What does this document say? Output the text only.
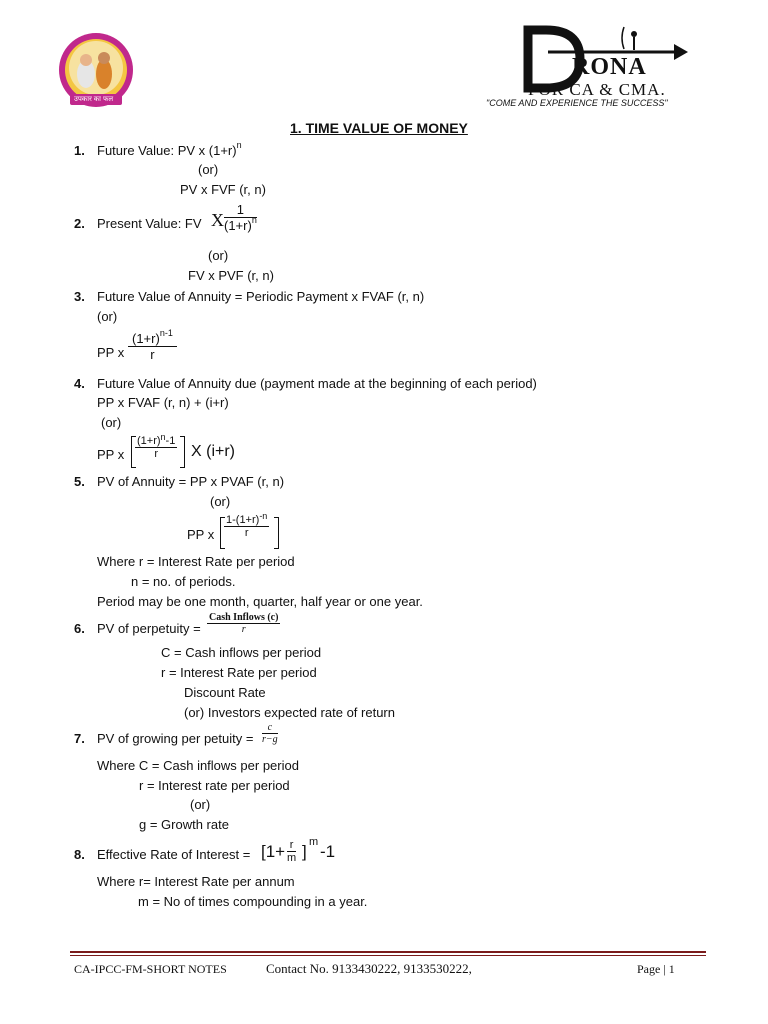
उपकार का फल
RONA
FOR CA & CMA.
"COME AND EXPERIENCE THE SUCCESS"
1. TIME VALUE OF MONEY
1. Future Value: PV x $(1+r)^n$
(or)
PV x FVF (r, n)
2. Present Value: FV X $\frac{1}{(1+r)^n}$
(or)
FV x PVF (r, n)
3. Future Value of Annuity = Periodic Payment x FVAF (r, n)
(or)
PP x $\frac{(1+r)^{n-1}}{r}$
4. Future Value of Annuity due (payment made at the beginning of each period)
PP x FVAF (r, n) + (i+r)
(or)
PP x $\frac{(1+r)^n-1}{r}$ X (i+r)
5. PV of Annuity = PP x PVAF (r, n)
(or)
PP x $\frac{1-(1+r)^{-n}}{r}$
Where r = Interest Rate per period
n = no. of periods.
Period may be one month, quarter, half year or one year.
6. PV of perpetuity =
Cash Inflows (c)
r
C = Cash inflows per period
r = Interest Rate per period
Discount Rate
(or) Investors expected rate of return
7. PV of growing per petuity = $\frac{c}{r-g}$
Where C = Cash inflows per period
r = Interest rate per period
(or)
g = Growth rate
8. Effective Rate of Interest = [$1+ \frac{r}{m}$ ] m -1
Where r= Interest Rate per annum
m = No of times compounding in a year.
CA-IPCC-FM-SHORT NOTES	Contact No. 9133430222, 9133530222,	Page | 1
